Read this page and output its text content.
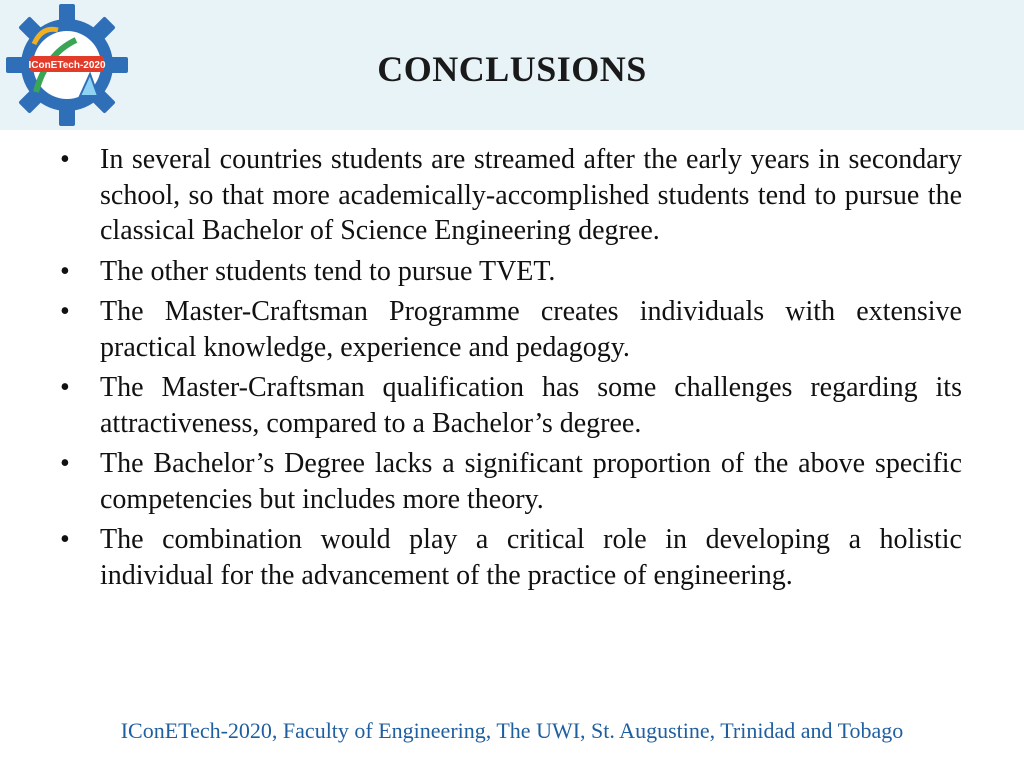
IConETech-2020	CONCLUSIONS
• In several countries students are streamed after the early years in secondary school, so that more academically-accomplished students tend to pursue the classical Bachelor of Science Engineering degree.
• The other students tend to pursue TVET.
• The Master-Craftsman Programme creates individuals with extensive practical knowledge, experience and pedagogy.
• The Master-Craftsman qualification has some challenges regarding its attractiveness, compared to a Bachelor’s degree.
• The Bachelor’s Degree lacks a significant proportion of the above specific competencies but includes more theory.
• The combination would play a critical role in developing a holistic individual for the advancement of the practice of engineering.
IConETech-2020, Faculty of Engineering, The UWI, St. Augustine, Trinidad and Tobago
